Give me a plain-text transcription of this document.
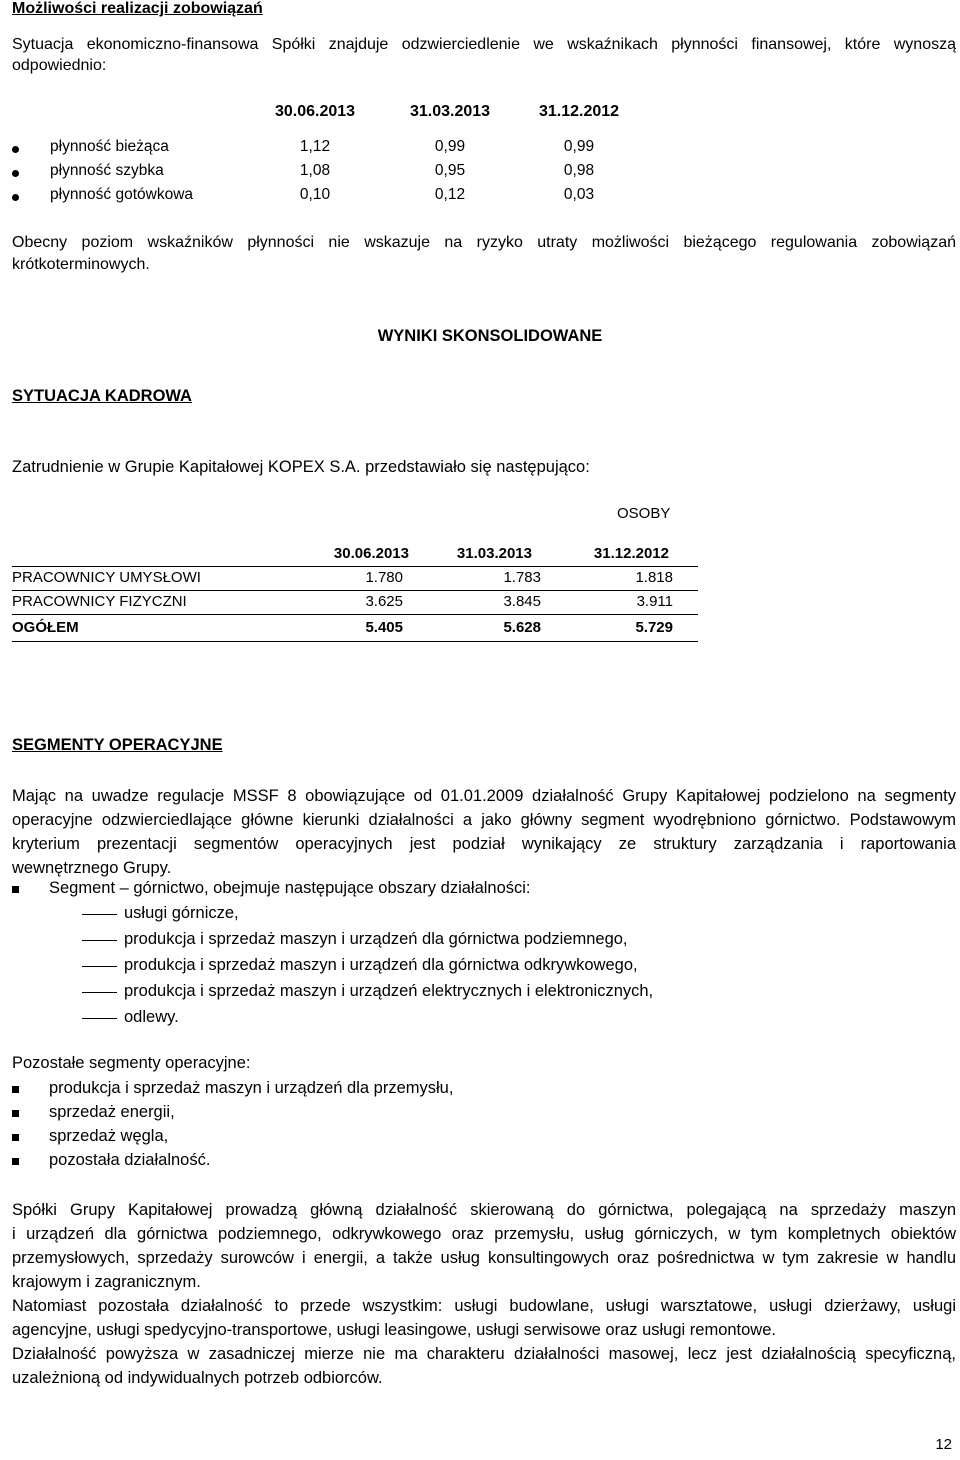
Możliwości realizacji zobowiązań
Sytuacja ekonomiczno-finansowa Spółki znajduje odzwierciedlenie we wskaźnikach płynności finansowej, które wynoszą
odpowiednio:
30.06.2013	31.03.2013	31.12.2012
płynność bieżąca	1,12	0,99	0,99
płynność szybka	1,08	0,95	0,98
płynność gotówkowa	0,10	0,12	0,03
Obecny poziom wskaźników płynności nie wskazuje na ryzyko utraty możliwości bieżącego regulowania zobowiązań
krótkoterminowych.
WYNIKI SKONSOLIDOWANE
SYTUACJA KADROWA
Zatrudnienie w Grupie Kapitałowej KOPEX S.A. przedstawiało się następująco:
OSOBY
30.06.2013	31.03.2013	31.12.2012
PRACOWNICY UMYSŁOWI	1.780	1.783	1.818
PRACOWNICY FIZYCZNI	3.625	3.845	3.911
OGÓŁEM	5.405	5.628	5.729
SEGMENTY OPERACYJNE
Mając na uwadze regulacje MSSF 8 obowiązujące od 01.01.2009 działalność Grupy Kapitałowej podzielono na segmenty
operacyjne odzwierciedlające główne kierunki działalności a jako główny segment wyodrębniono górnictwo. Podstawowym
kryterium prezentacji segmentów operacyjnych jest podział wynikający ze struktury zarządzania i raportowania
wewnętrznego Grupy.
Segment – górnictwo, obejmuje następujące obszary działalności:
usługi górnicze,
produkcja i sprzedaż maszyn i urządzeń dla górnictwa podziemnego,
produkcja i sprzedaż maszyn i urządzeń dla górnictwa odkrywkowego,
produkcja i sprzedaż maszyn i urządzeń elektrycznych i elektronicznych,
odlewy.
Pozostałe segmenty operacyjne:
produkcja i sprzedaż maszyn i urządzeń dla przemysłu,
sprzedaż energii,
sprzedaż węgla,
pozostała działalność.
Spółki Grupy Kapitałowej prowadzą główną działalność skierowaną do górnictwa, polegającą na sprzedaży maszyn
i urządzeń dla górnictwa podziemnego, odkrywkowego oraz przemysłu, usług górniczych, w tym kompletnych obiektów
przemysłowych, sprzedaży surowców i energii, a także usług konsultingowych oraz pośrednictwa w tym zakresie w handlu
krajowym i zagranicznym.
Natomiast pozostała działalność to przede wszystkim: usługi budowlane, usługi warsztatowe, usługi dzierżawy, usługi
agencyjne, usługi spedycyjno-transportowe, usługi leasingowe, usługi serwisowe oraz usługi remontowe.
Działalność powyższa w zasadniczej mierze nie ma charakteru działalności masowej, lecz jest działalnością specyficzną,
uzależnioną od indywidualnych potrzeb odbiorców.
12
